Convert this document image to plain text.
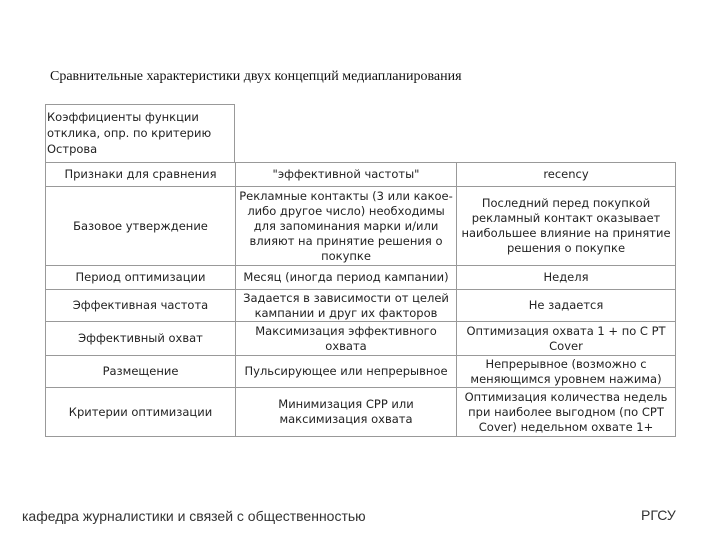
Сравнительные характеристики двух концепций медиапланирования
Коэффициенты функции отклика, опр. по критерию Острова
Признаки для сравнения	"эффективной частоты"	recency
Базовое утверждение	Рекламные контакты (3 или какое-либо другое число) необходимы для запоминания марки и/или влияют на принятие решения о покупке	Последний перед покупкой рекламный контакт оказывает наибольшее влияние на принятие решения о покупке
Период оптимизации	Месяц (иногда период кампании)	Неделя
Эффективная частота	Задается в зависимости от целей кампании и друг их факторов	Не задается
Эффективный охват	Максимизация эффективного охвата	Оптимизация охвата 1 + по С PT Cover
Размещение	Пульсирующее или непрерывное	Непрерывное (возможно с меняющимся уровнем нажима)
Критерии оптимизации	Минимизация CPP или максимизация охвата	Оптимизация количества недель при наиболее выгодном (по CPT Cover) недельном охвате 1+
кафедра журналистики и связей с общественностью	РГСУ
